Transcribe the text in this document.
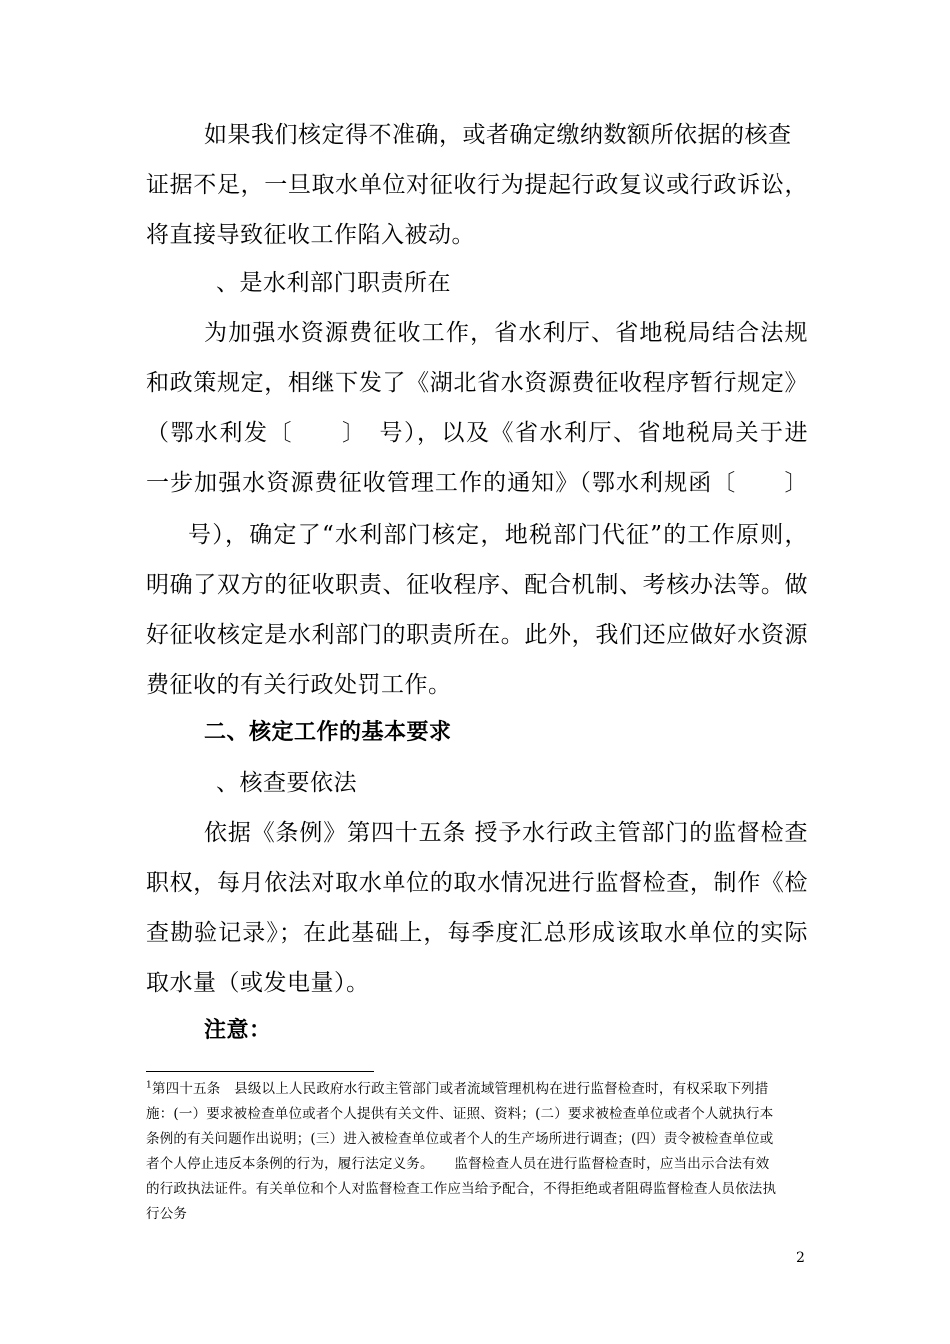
如果我们核定得不准确，或者确定缴纳数额所依据的核查
证据不足，一旦取水单位对征收行为提起行政复议或行政诉讼，
将直接导致征收工作陷入被动。
、是水利部门职责所在
为加强水资源费征收工作，省水利厅、省地税局结合法规
和政策规定，相继下发了《湖北省水资源费征收程序暂行规定》
（鄂水利发〔　　〕　号），以及《省水利厅、省地税局关于进
一步加强水资源费征收管理工作的通知》（鄂水利规函〔　　〕
号），确定了“水利部门核定，地税部门代征”的工作原则，
明确了双方的征收职责、征收程序、配合机制、考核办法等。做
好征收核定是水利部门的职责所在。此外，我们还应做好水资源
费征收的有关行政处罚工作。
二、核定工作的基本要求
、核查要依法
依据《条例》第四十五条 授予水行政主管部门的监督检查
职权，每月依法对取水单位的取水情况进行监督检查，制作《检
查勘验记录》；在此基础上，每季度汇总形成该取水单位的实际
取水量（或发电量）。
注意：
$^1$第四十五条　县级以上人民政府水行政主管部门或者流域管理机构在进行监督检查时，有权采取下列措
施：(一）要求被检查单位或者个人提供有关文件、证照、资料；(二）要求被检查单位或者个人就执行本
条例的有关问题作出说明；(三）进入被检查单位或者个人的生产场所进行调查；(四）责令被检查单位或
者个人停止违反本条例的行为，履行法定义务。　　监督检查人员在进行监督检查时，应当出示合法有效
的行政执法证件。有关单位和个人对监督检查工作应当给予配合，不得拒绝或者阻碍监督检查人员依法执
行公务
2
